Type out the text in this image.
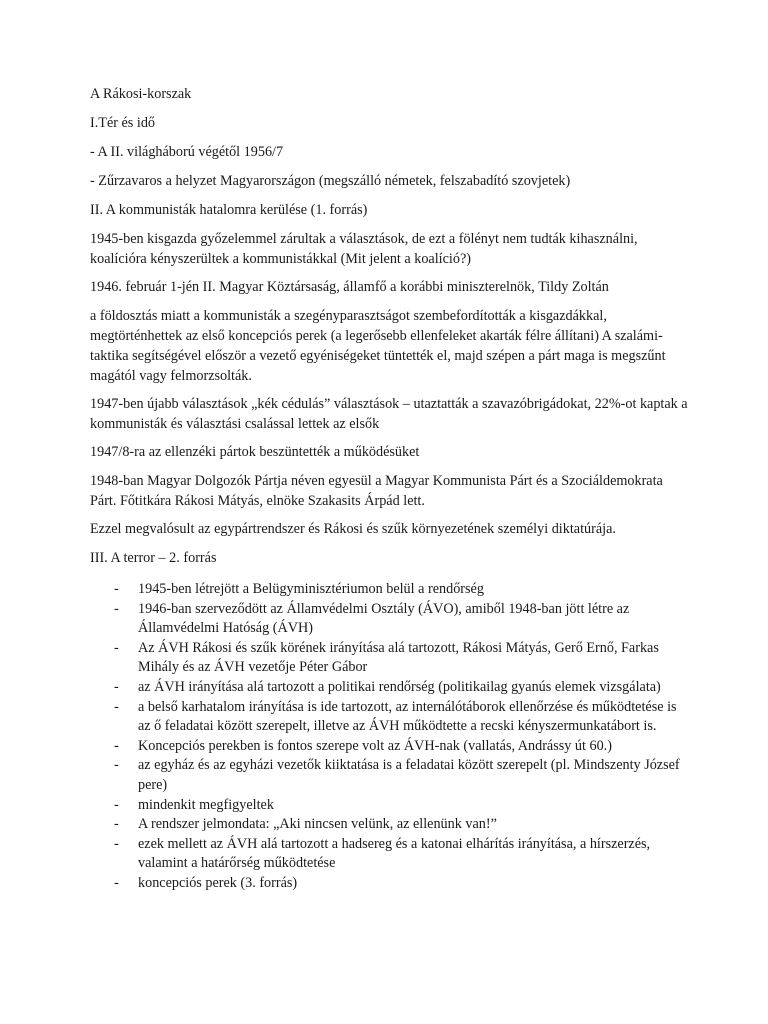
A Rákosi-korszak

I.Tér és idő

- A II. világháború végétől 1956/7

- Zűrzavaros a helyzet Magyarországon (megszálló németek, felszabadító szovjetek)

II. A kommunisták hatalomra kerülése (1. forrás)

1945-ben kisgazda győzelemmel zárultak a választások, de ezt a fölényt nem tudták kihasználni, koalícióra kényszerültek a kommunistákkal (Mit jelent a koalíció?)

1946. február 1-jén II. Magyar Köztársaság, államfő a korábbi miniszterelnök, Tildy Zoltán

a földosztás miatt a kommunisták a szegényparasztságot szembefordították a kisgazdákkal, megtörténhettek az első koncepciós perek (a legerősebb ellenfeleket akarták félre állítani) A szalámi-taktika segítségével először a vezető egyéniségeket tüntették el, majd szépen a párt maga is megszűnt magától vagy felmorzsolták.

1947-ben újabb választások „kék cédulás” választások – utaztatták a szavazóbrigádokat, 22%-ot kaptak a kommunisták és választási csalással lettek az elsők

1947/8-ra az ellenzéki pártok beszüntették a működésüket

1948-ban Magyar Dolgozók Pártja néven egyesül a Magyar Kommunista Párt és a Szociáldemokrata Párt. Főtitkára Rákosi Mátyás, elnöke Szakasits Árpád lett.

Ezzel megvalósult az egypártrendszer és Rákosi és szűk környezetének személyi diktatúrája.

III. A terror – 2. forrás

- 1945-ben létrejött a Belügyminisztériumon belül a rendőrség
- 1946-ban szerveződött az Államvédelmi Osztály (ÁVO), amiből 1948-ban jött létre az Államvédelmi Hatóság (ÁVH)
- Az ÁVH Rákosi és szűk körének irányítása alá tartozott, Rákosi Mátyás, Gerő Ernő, Farkas Mihály és az ÁVH vezetője Péter Gábor
- az ÁVH irányítása alá tartozott a politikai rendőrség (politikailag gyanús elemek vizsgálata)
- a belső karhatalom irányítása is ide tartozott, az internálótáborok ellenőrzése és működtetése is az ő feladatai között szerepelt, illetve az ÁVH működtette a recski kényszermunkatábort is.
- Koncepciós perekben is fontos szerepe volt az ÁVH-nak (vallatás, Andrássy út 60.)
- az egyház és az egyházi vezetők kiiktatása is a feladatai között szerepelt (pl. Mindszenty József pere)
- mindenkit megfigyeltek
- A rendszer jelmondata: „Aki nincsen velünk, az ellenünk van!”
- ezek mellett az ÁVH alá tartozott a hadsereg és a katonai elhárítás irányítása, a hírszerzés, valamint a határőrség működtetése
- koncepciós perek (3. forrás)
